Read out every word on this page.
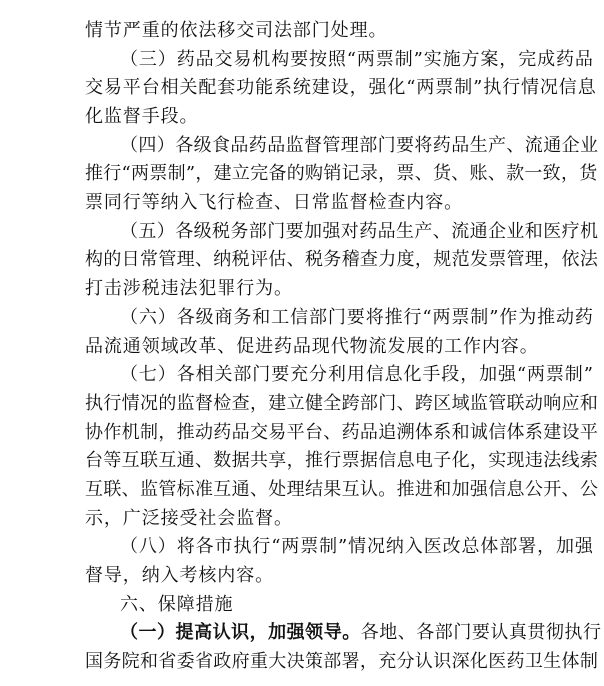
情节严重的依法移交司法部门处理。
（三）药品交易机构要按照“两票制”实施方案，完成药品
交易平台相关配套功能系统建设，强化“两票制”执行情况信息
化监督手段。
（四）各级食品药品监督管理部门要将药品生产、流通企业
推行“两票制”，建立完备的购销记录，票、货、账、款一致，货
票同行等纳入飞行检查、日常监督检查内容。
（五）各级税务部门要加强对药品生产、流通企业和医疗机
构的日常管理、纳税评估、税务稽查力度，规范发票管理，依法
打击涉税违法犯罪行为。
（六）各级商务和工信部门要将推行“两票制”作为推动药
品流通领域改革、促进药品现代物流发展的工作内容。
（七）各相关部门要充分利用信息化手段，加强“两票制”
执行情况的监督检查，建立健全跨部门、跨区域监管联动响应和
协作机制，推动药品交易平台、药品追溯体系和诚信体系建设平
台等互联互通、数据共享，推行票据信息电子化，实现违法线索
互联、监管标准互通、处理结果互认。推进和加强信息公开、公
示，广泛接受社会监督。
（八）将各市执行“两票制”情况纳入医改总体部署，加强
督导，纳入考核内容。
六、保障措施
（一）提高认识，加强领导。各地、各部门要认真贯彻执行
国务院和省委省政府重大决策部署，充分认识深化医药卫生体制
